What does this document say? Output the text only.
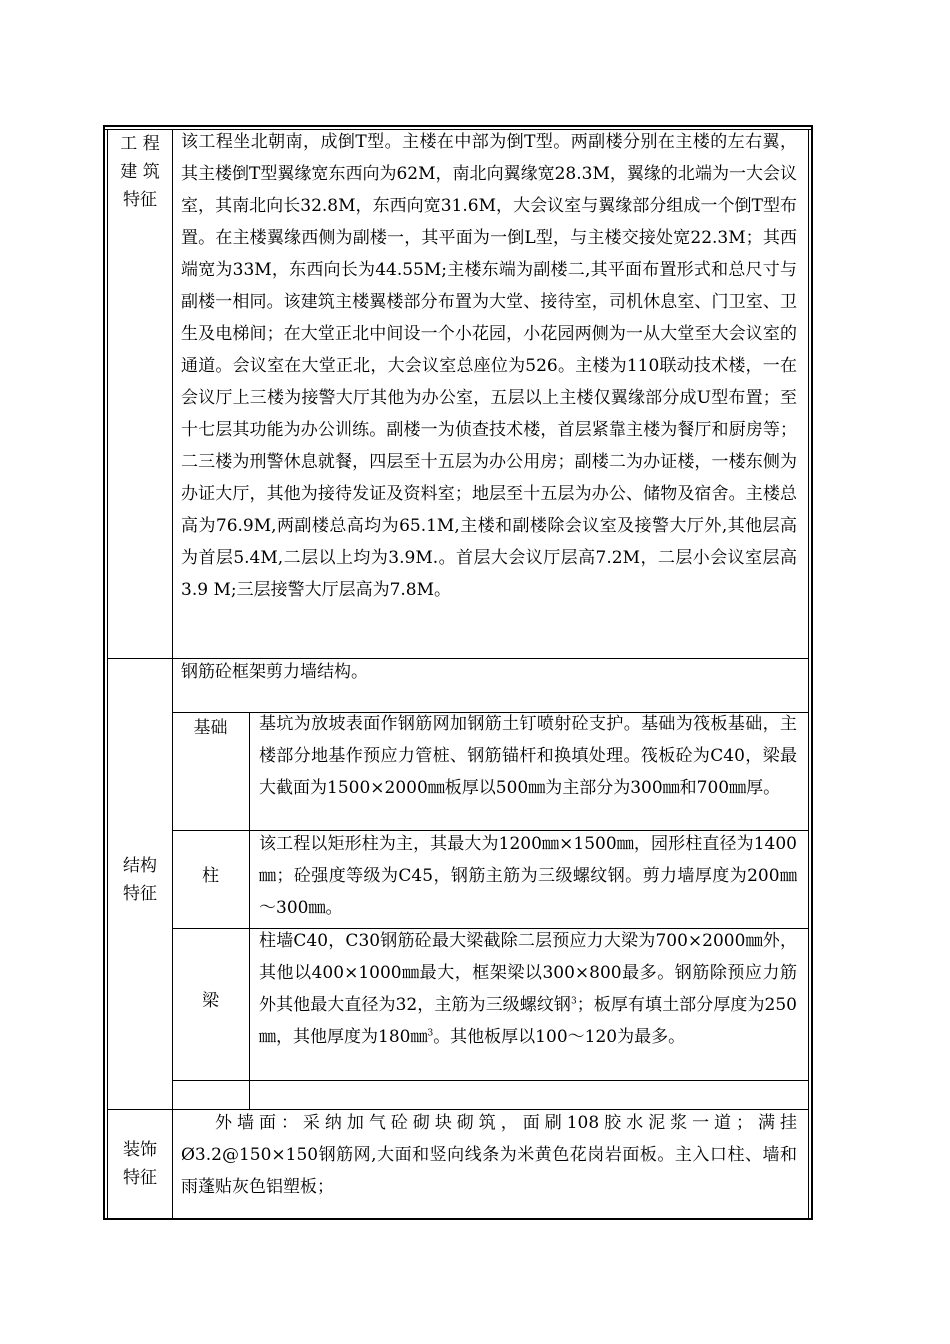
工 程
建 筑
特征
该工程坐北朝南，成倒T型。主楼在中部为倒T型。两副楼分别在主楼的左右翼，其主楼倒T型翼缘宽东西向为62M，南北向翼缘宽28.3M，翼缘的北端为一大会议室，其南北向长32.8M，东西向宽31.6M，大会议室与翼缘部分组成一个倒T型布置。在主楼翼缘西侧为副楼一，其平面为一倒L型，与主楼交接处宽22.3M；其西端宽为33M，东西向长为44.55M;主楼东端为副楼二,其平面布置形式和总尺寸与副楼一相同。该建筑主楼翼楼部分布置为大堂、接待室，司机休息室、门卫室、卫生及电梯间；在大堂正北中间设一个小花园，小花园两侧为一从大堂至大会议室的通道。会议室在大堂正北，大会议室总座位为526。主楼为110联动技术楼，一在会议厅上三楼为接警大厅其他为办公室，五层以上主楼仅翼缘部分成U型布置；至十七层其功能为办公训练。副楼一为侦查技术楼，首层紧靠主楼为餐厅和厨房等；二三楼为刑警休息就餐，四层至十五层为办公用房；副楼二为办证楼，一楼东侧为办证大厅，其他为接待发证及资料室；地层至十五层为办公、储物及宿舍。主楼总高为76.9M,两副楼总高均为65.1M,主楼和副楼除会议室及接警大厅外,其他层高为首层5.4M,二层以上均为3.9M.。首层大会议厅层高7.2M，二层小会议室层高3.9 M;三层接警大厅层高为7.8M。
结构
特征
钢筋砼框架剪力墙结构。
基础	基坑为放坡表面作钢筋网加钢筋土钉喷射砼支护。基础为筏板基础，主楼部分地基作预应力管桩、钢筋锚杆和换填处理。筏板砼为C40，梁最大截面为1500×2000㎜板厚以500㎜为主部分为300㎜和700㎜厚。
柱
该工程以矩形柱为主，其最大为1200㎜×1500㎜，园形柱直径为1400㎜；砼强度等级为C45，钢筋主筋为三级螺纹钢。剪力墙厚度为200㎜～300㎜。
梁
柱墙C40，C30钢筋砼最大梁截除二层预应力大梁为700×2000㎜外，其他以400×1000㎜最大，框架梁以300×800最多。钢筋除预应力筋外其他最大直径为32，主筋为三级螺纹钢$^3$；板厚有填土部分厚度为250㎜，其他厚度为180㎜$^3$。其他板厚以100～120为最多。
装饰
特征
外墙面：采纳加气砼砌块砌筑，面刷108胶水泥浆一道；满挂Ø3.2@150×150钢筋网,大面和竖向线条为米黄色花岗岩面板。主入口柱、墙和雨蓬贴灰色铝塑板；
